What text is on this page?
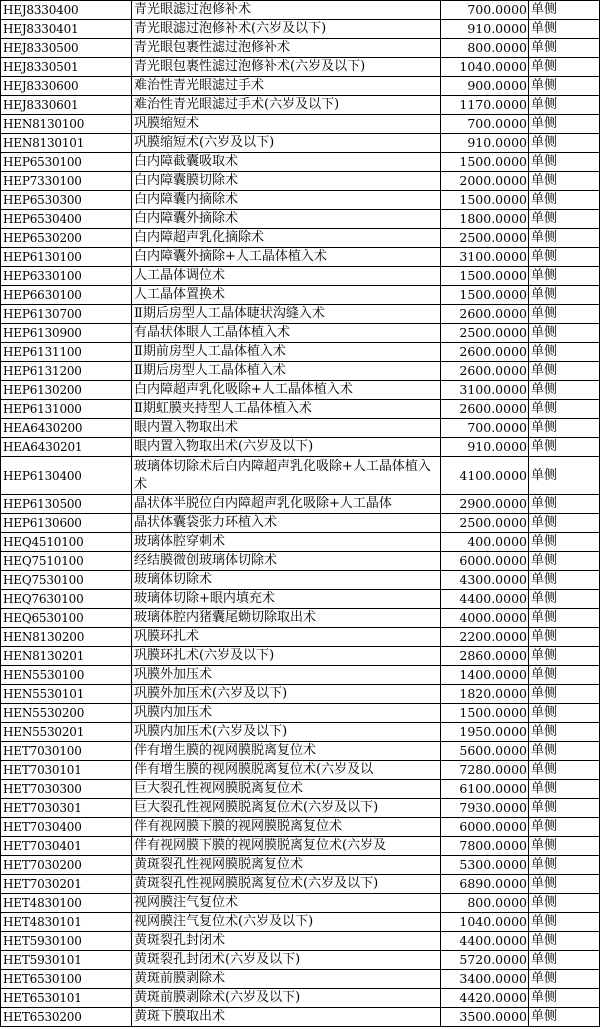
HEJ8330400	青光眼滤过泡修补术	700.0000	单侧
HEJ8330401	青光眼滤过泡修补术(六岁及以下)	910.0000	单侧
HEJ8330500	青光眼包裹性滤过泡修补术	800.0000	单侧
HEJ8330501	青光眼包裹性滤过泡修补术(六岁及以下)	1040.0000	单侧
HEJ8330600	难治性青光眼滤过手术	900.0000	单侧
HEJ8330601	难治性青光眼滤过手术(六岁及以下)	1170.0000	单侧
HEN8130100	巩膜缩短术	700.0000	单侧
HEN8130101	巩膜缩短术(六岁及以下)	910.0000	单侧
HEP6530100	白内障截囊吸取术	1500.0000	单侧
HEP7330100	白内障囊膜切除术	2000.0000	单侧
HEP6530300	白内障囊内摘除术	1500.0000	单侧
HEP6530400	白内障囊外摘除术	1800.0000	单侧
HEP6530200	白内障超声乳化摘除术	2500.0000	单侧
HEP6130100	白内障囊外摘除+人工晶体植入术	3100.0000	单侧
HEP6330100	人工晶体调位术	1500.0000	单侧
HEP6630100	人工晶体置换术	1500.0000	单侧
HEP6130700	Ⅱ期后房型人工晶体睫状沟缝入术	2600.0000	单侧
HEP6130900	有晶状体眼人工晶体植入术	2500.0000	单侧
HEP6131100	Ⅱ期前房型人工晶体植入术	2600.0000	单侧
HEP6131200	Ⅱ期后房型人工晶体植入术	2600.0000	单侧
HEP6130200	白内障超声乳化吸除+人工晶体植入术	3100.0000	单侧
HEP6131000	Ⅱ期虹膜夹持型人工晶体植入术	2600.0000	单侧
HEA6430200	眼内置入物取出术	700.0000	单侧
HEA6430201	眼内置入物取出术(六岁及以下)	910.0000	单侧
HEP6130400	玻璃体切除术后白内障超声乳化吸除+人工晶体植入术	4100.0000	单侧
HEP6130500	晶状体半脱位白内障超声乳化吸除+人工晶体	2900.0000	单侧
HEP6130600	晶状体囊袋张力环植入术	2500.0000	单侧
HEQ4510100	玻璃体腔穿刺术	400.0000	单侧
HEQ7510100	经结膜微创玻璃体切除术	6000.0000	单侧
HEQ7530100	玻璃体切除术	4300.0000	单侧
HEQ7630100	玻璃体切除+眼内填充术	4400.0000	单侧
HEQ6530100	玻璃体腔内猪囊尾蚴切除取出术	4000.0000	单侧
HEN8130200	巩膜环扎术	2200.0000	单侧
HEN8130201	巩膜环扎术(六岁及以下)	2860.0000	单侧
HEN5530100	巩膜外加压术	1400.0000	单侧
HEN5530101	巩膜外加压术(六岁及以下)	1820.0000	单侧
HEN5530200	巩膜内加压术	1500.0000	单侧
HEN5530201	巩膜内加压术(六岁及以下)	1950.0000	单侧
HET7030100	伴有增生膜的视网膜脱离复位术	5600.0000	单侧
HET7030101	伴有增生膜的视网膜脱离复位术(六岁及以	7280.0000	单侧
HET7030300	巨大裂孔性视网膜脱离复位术	6100.0000	单侧
HET7030301	巨大裂孔性视网膜脱离复位术(六岁及以下)	7930.0000	单侧
HET7030400	伴有视网膜下膜的视网膜脱离复位术	6000.0000	单侧
HET7030401	伴有视网膜下膜的视网膜脱离复位术(六岁及	7800.0000	单侧
HET7030200	黄斑裂孔性视网膜脱离复位术	5300.0000	单侧
HET7030201	黄斑裂孔性视网膜脱离复位术(六岁及以下)	6890.0000	单侧
HET4830100	视网膜注气复位术	800.0000	单侧
HET4830101	视网膜注气复位术(六岁及以下)	1040.0000	单侧
HET5930100	黄斑裂孔封闭术	4400.0000	单侧
HET5930101	黄斑裂孔封闭术(六岁及以下)	5720.0000	单侧
HET6530100	黄斑前膜剥除术	3400.0000	单侧
HET6530101	黄斑前膜剥除术(六岁及以下)	4420.0000	单侧
HET6530200	黄斑下膜取出术	3500.0000	单侧
